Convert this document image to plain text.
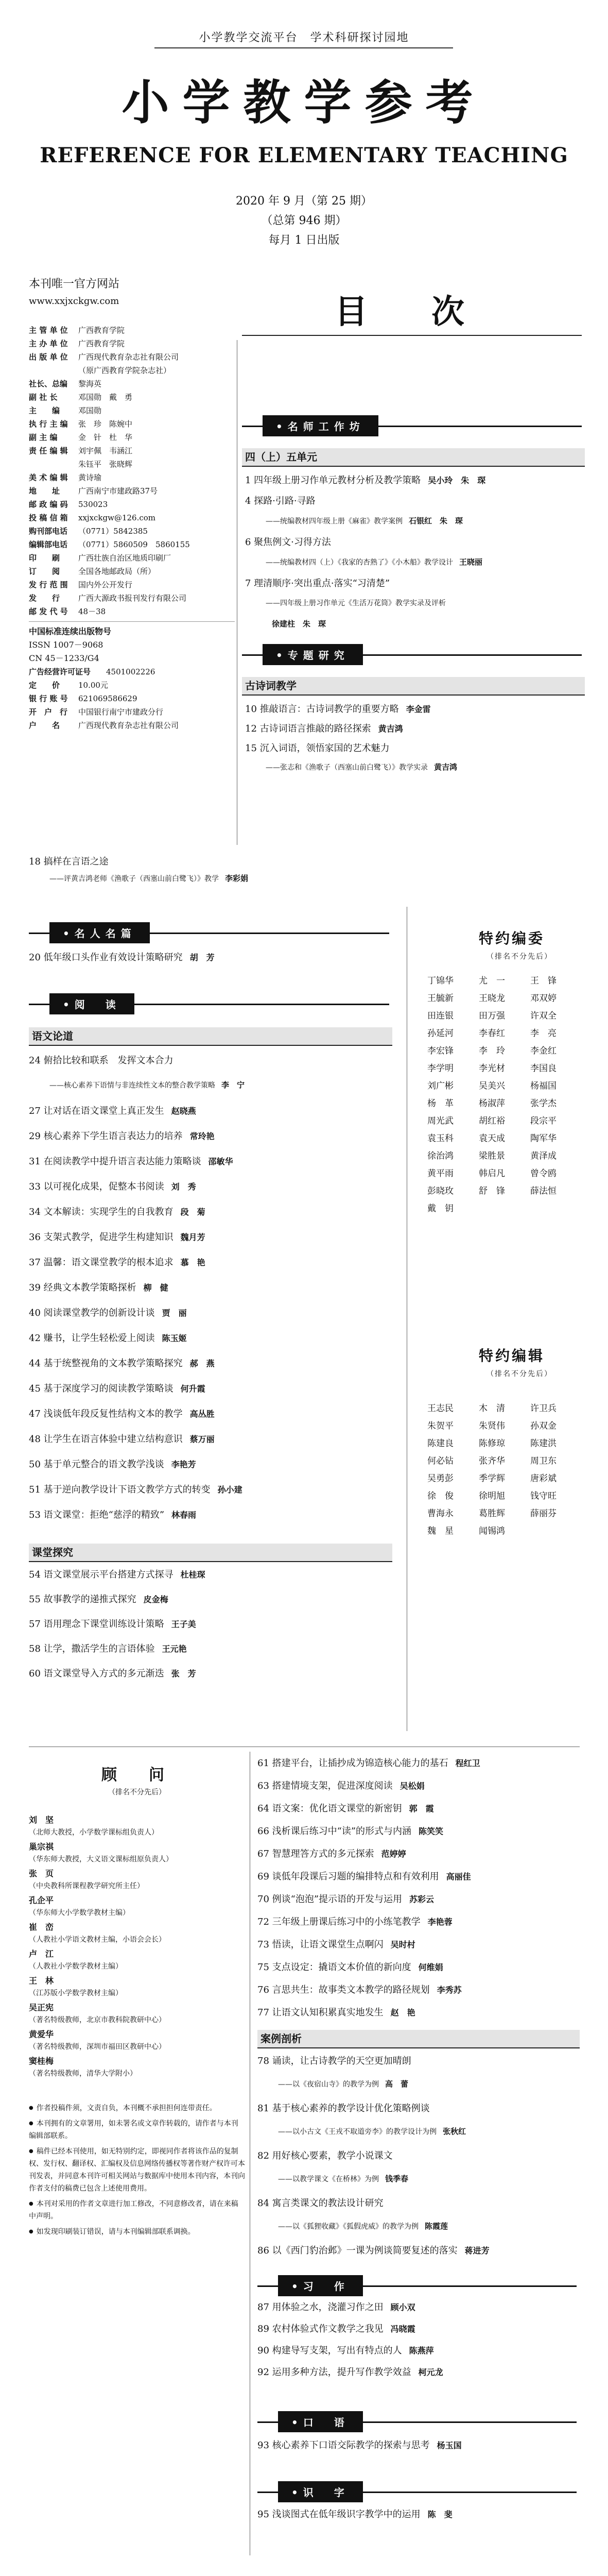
小学教学交流平台　学术科研探讨园地
小学教学参考
REFERENCE FOR ELEMENTARY TEACHING
2020 年 9 月（第 25 期）
（总第 946 期）
每月 1 日出版
本刊唯一官方网站
www.xxjxckgw.com
主 管 单 位	广西教育学院
主 办 单 位	广西教育学院
出 版 单 位	广西现代教育杂志社有限公司
（原广西教育学院杂志社）
社长、总编	黎海英
副 社 长	邓国勋　戴　勇
主　　编	邓国勋
执 行 主 编	张　珍　陈婉中
副 主 编	金　针　杜　华
责 任 编 辑	刘宇佩　韦涵江
朱钰平　张晓辉
美 术 编 辑	黄诗瑜
地　　址	广西南宁市建政路37号
邮 政 编 码	530023
投 稿 信 箱	xxjxckgw@126.com
购刊部电话	（0771）5842385
编辑部电话	（0771）5860509　5860155
印　　刷	广西壮族自治区地质印刷厂
订　　阅	全国各地邮政局（所）
发 行 范 围	国内外公开发行
发　　行	广西大源政书报刊发行有限公司
邮 发 代 号	48－38
中国标准连续出版物号
ISSN 1007－9068
CN 45－1233/G4
广告经营许可证号	4501002226
定　　价	10.00元
银 行 账 号	621069586629
开　户　行	中国银行南宁市建政分行
户　　名	广西现代教育杂志社有限公司
目　次
• 名师工作坊
四（上）五单元
1 四年级上册习作单元教材分析及教学策略 吴小玲　朱　琛
4 探路·引路·寻路
——统编教材四年级上册《麻雀》教学案例 石银红　朱　琛
6 聚焦例文·习得方法
——统编教材四（上）《我家的杏熟了》《小木船》教学设计 王晓丽
7 理清顺序·突出重点·落实“习清楚”
——四年级上册习作单元《生活万花筒》教学实录及评析
徐建柱　朱　琛
• 专题研究
古诗词教学
10 推敲语言：古诗词教学的重要方略 李金雷
12 古诗词语言推敲的路径探索 黄吉鸿
15 沉入词语，领悟家国的艺术魅力
——张志和《渔歌子（西塞山前白鹭飞）》教学实录 黄吉鸿
18 搞样在言语之途
——评黄吉鸿老师《渔歌子（西塞山前白鹭飞）》教学 李彩娟
• 名人名篇
20 低年级口头作业有效设计策略研究 胡　芳
• 阅　读
语文论道
24 俯拾比较和联系　发挥文本合力
——核心素养下语情与非连续性文本的整合教学策略 李　宁
27 让对话在语文课堂上真正发生 赵晓燕
29 核心素养下学生语言表达力的培养 常玲艳
31 在阅读教学中提升语言表达能力策略谈 邵敏华
33 以可视化成果，促整本书阅读 刘　秀
34 文本解读：实现学生的自我教育 段　菊
36 支架式教学，促进学生构建知识 魏月芳
37 温馨：语文课堂教学的根本追求 慕　艳
39 经典文本教学策略探析 柳　健
40 阅读课堂教学的创新设计谈 贾　丽
42 赚书，让学生轻松爱上阅读 陈玉姬
44 基于统整视角的文本教学策略探究 郝　燕
45 基于深度学习的阅读教学策略谈 何升霞
47 浅谈低年段反复性结构文本的教学 高丛胜
48 让学生在语言体验中建立结构意识 蔡万丽
50 基于单元整合的语文教学浅谈 李艳芳
51 基于逆向教学设计下语文教学方式的转变 孙小建
53 语文课堂：拒绝“慈浮的精致” 林春雨
课堂探究
54 语文课堂展示平台搭建方式探寻 杜桂琛
55 故事教学的递推式探究 皮金梅
57 语用理念下课堂训练设计策略 王子美
58 让学，撒活学生的言语体验 王元艳
60 语文课堂导入方式的多元渐迭 张　芳
特约编委
（排名不分先后）
丁锦华	尤　一	王　锋
王毓新	王晓龙	邓双婷
田连银	田万强	许双全
孙延河	李春红	李　亮
李宏锋	李　玲	李金红
李学明	李光材	李国良
刘广彬	吴美兴	杨福国
杨　革	杨淑萍	张学杰
周光武	胡红裕	段宗平
袁玉科	袁天成	陶军华
徐治鸿	梁胜景	黄泽成
黄平雨	韩启凡	曾令鸥
彭晓玫	舒　锋	薛法恒
戴　钥
特约编辑
（排名不分先后）
王志民	木　清	许卫兵
朱贺平	朱贤伟	孙双金
陈建良	陈修琼	陈建洪
何必钻	张齐华	周卫东
吴勇彭	季学辉	唐彩斌
徐　俊	徐明旭	钱守旺
曹海永	葛胜辉	薛丽芬
魏　星	闻锡鸿
顾　问
（排名不分先后）
刘　坚
（北师大教授，小学数学课标组负责人）
巢宗祺
（华东师大教授，大义语文课标组原负责人）
张　页
（中央教科所课程教学研究所主任）
孔企平
（华东师大小学数学教材主编）
崔　峦
（人教社小学语文教材主编，小语会会长）
卢　江
（人教社小学数学教材主编）
王　林
（江苏版小学数学教材主编）
吴正宪
（著名特级教师，北京市教科院教研中心）
黄爱华
（著名特级教师，深圳市福田区教研中心）
窦桂梅
（著名特级教师，清华大学附小）

● 作者投稿件须，文责自负，本刊概不承担担何连带责任。

● 本刊拥有的文章署用，如未署名或文章作转载的，请作者与本刊编辑部联系。

● 稿件已经本刊使用，如无特别约定，即视同作者将该作品的复制权、发行权、翻译权、汇编权及信息网络传播权等著作财产权许可本刊发表，并同意本刊许可相关网站与数据库中使用本刊内容，本刊向作者支付的稿费已包含上述使用费用。

● 本刊对采用的作者文章进行加工修改，不同意修改者，请在来稿中声明。

● 如发现印刷装订错误，请与本刊编辑部联系调换。

61 搭建平台，让插抄成为锦造核心能力的基石 程红卫
63 搭建情境支架，促进深度阅读 吴松娟
64 语文案：优化语文课堂的新密钥 郭　霞
66 浅析课后练习中“读”的形式与内涵 陈笑笑
67 智慧理答方式的多元探索 范婷婷
69 谈低年段课后习题的编排特点和有效利用 高丽佳
70 例谈“泡泡”提示语的开发与运用 苏彩云
72 三年级上册课后练习中的小练笔教学 李艳蓉
73 悟读，让语文课堂生点啊闪 吴时村
75 支点设定：撬语文本价值的新向度 何维娟
76 言思共生：故事类文本教学的路径规划 李秀苏
77 让语文认知积累真实地发生 赵　艳
案例剖析
78 诵读，让古诗教学的天空更加晴朗
——以《夜宿山寺》的教学为例 高　蕾
81 基于核心素养的教学设计优化策略例谈
——以小古文《王戎不取道旁李》的教学设计为例 张秋红
82 用好核心要素，教学小说课文
——以教学课文《在桥林》为例 钱季春
84 寓言类课文的教法设计研究
——以《狐狸收藏》《狐假虎威》的教学为例 陈霞莲
86 以《西门豹治邺》一课为例谈简要复述的落实 蒋进芳
• 习　作
87 用体验之水，浇灌习作之田 顾小双
89 农村体验式作文教学之我见 冯晓霞
90 构建导写支架，写出有特点的人 陈燕萍
92 运用多种方法，提升写作教学效益 柯元龙
• 口　语
93 核心素养下口语交际教学的探索与思考 杨玉国
• 识　字
95 浅谈图式在低年级识字教学中的运用 陈　斐
